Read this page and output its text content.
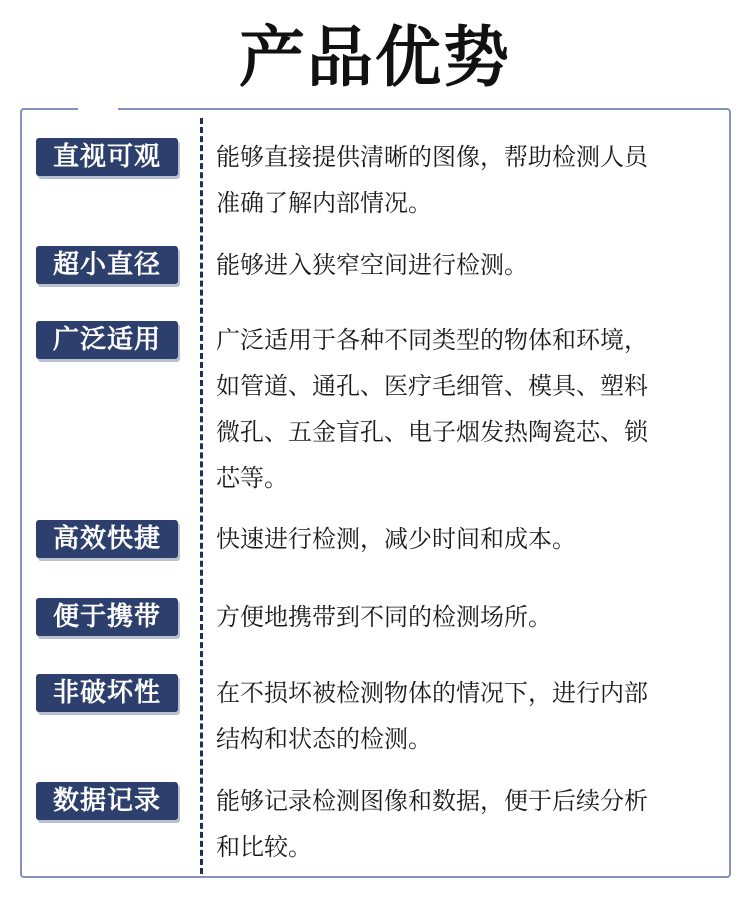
产品优势
直视可观	能够直接提供清晰的图像，帮助检测人员
准确了解内部情况。
超小直径	能够进入狭窄空间进行检测。
广泛适用	广泛适用于各种不同类型的物体和环境，
如管道、通孔、医疗毛细管、模具、塑料
微孔、五金盲孔、电子烟发热陶瓷芯、锁
芯等。
高效快捷	快速进行检测，减少时间和成本。
便于携带	方便地携带到不同的检测场所。
非破坏性	在不损坏被检测物体的情况下，进行内部
结构和状态的检测。
数据记录	能够记录检测图像和数据，便于后续分析
和比较。
